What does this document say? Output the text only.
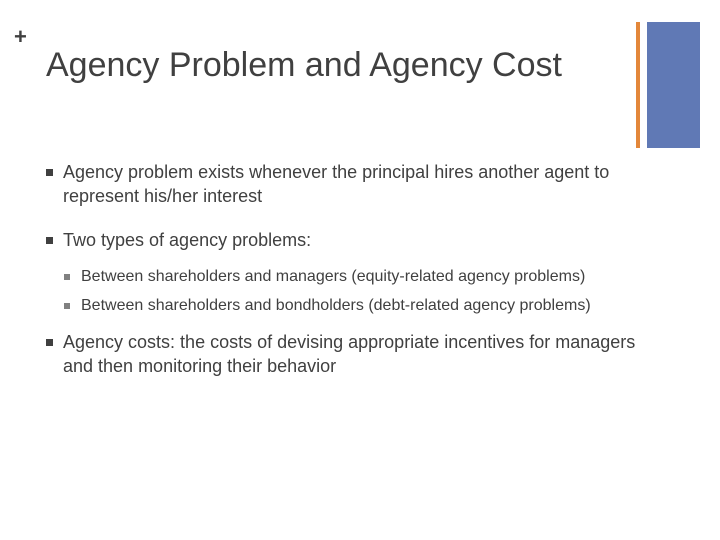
+
Agency Problem and Agency Cost
Agency problem exists whenever the principal hires another agent to represent his/her interest
Two types of agency problems:
Between shareholders and managers (equity-related agency problems)
Between shareholders and bondholders (debt-related agency problems)
Agency costs: the costs of devising appropriate incentives for managers and then monitoring their behavior
